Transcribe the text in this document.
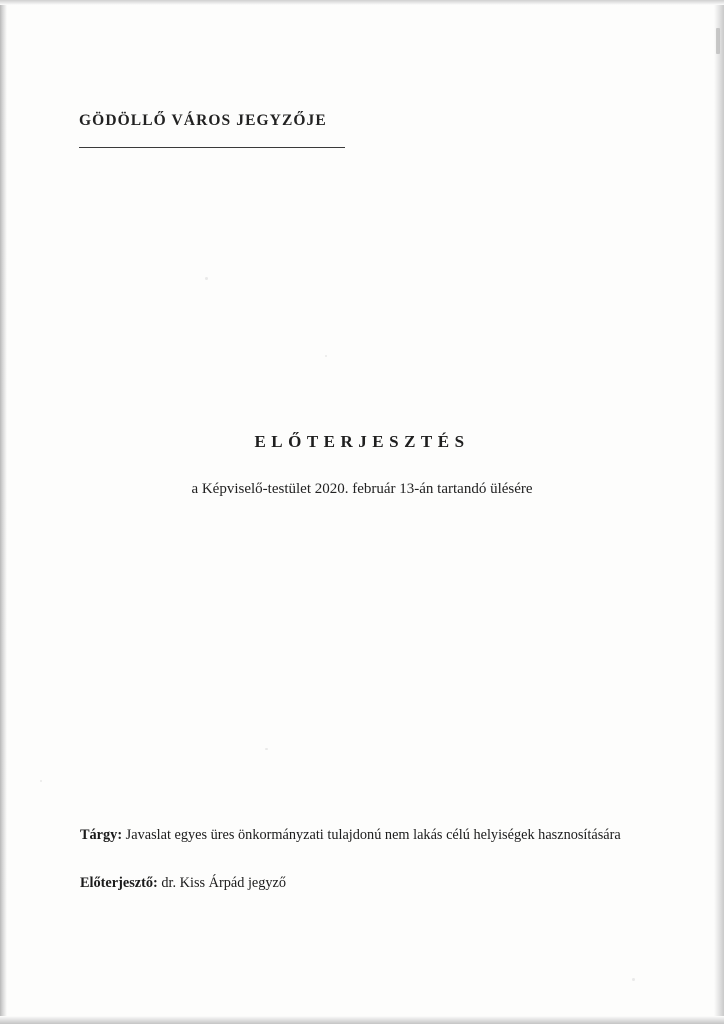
GÖDÖLLŐ VÁROS JEGYZŐJE
ELŐTERJESZTÉS
a Képviselő-testület 2020. február 13-án tartandó ülésére
Tárgy: Javaslat egyes üres önkormányzati tulajdonú nem lakás célú helyiségek hasznosítására
Előterjesztő: dr. Kiss Árpád jegyző
